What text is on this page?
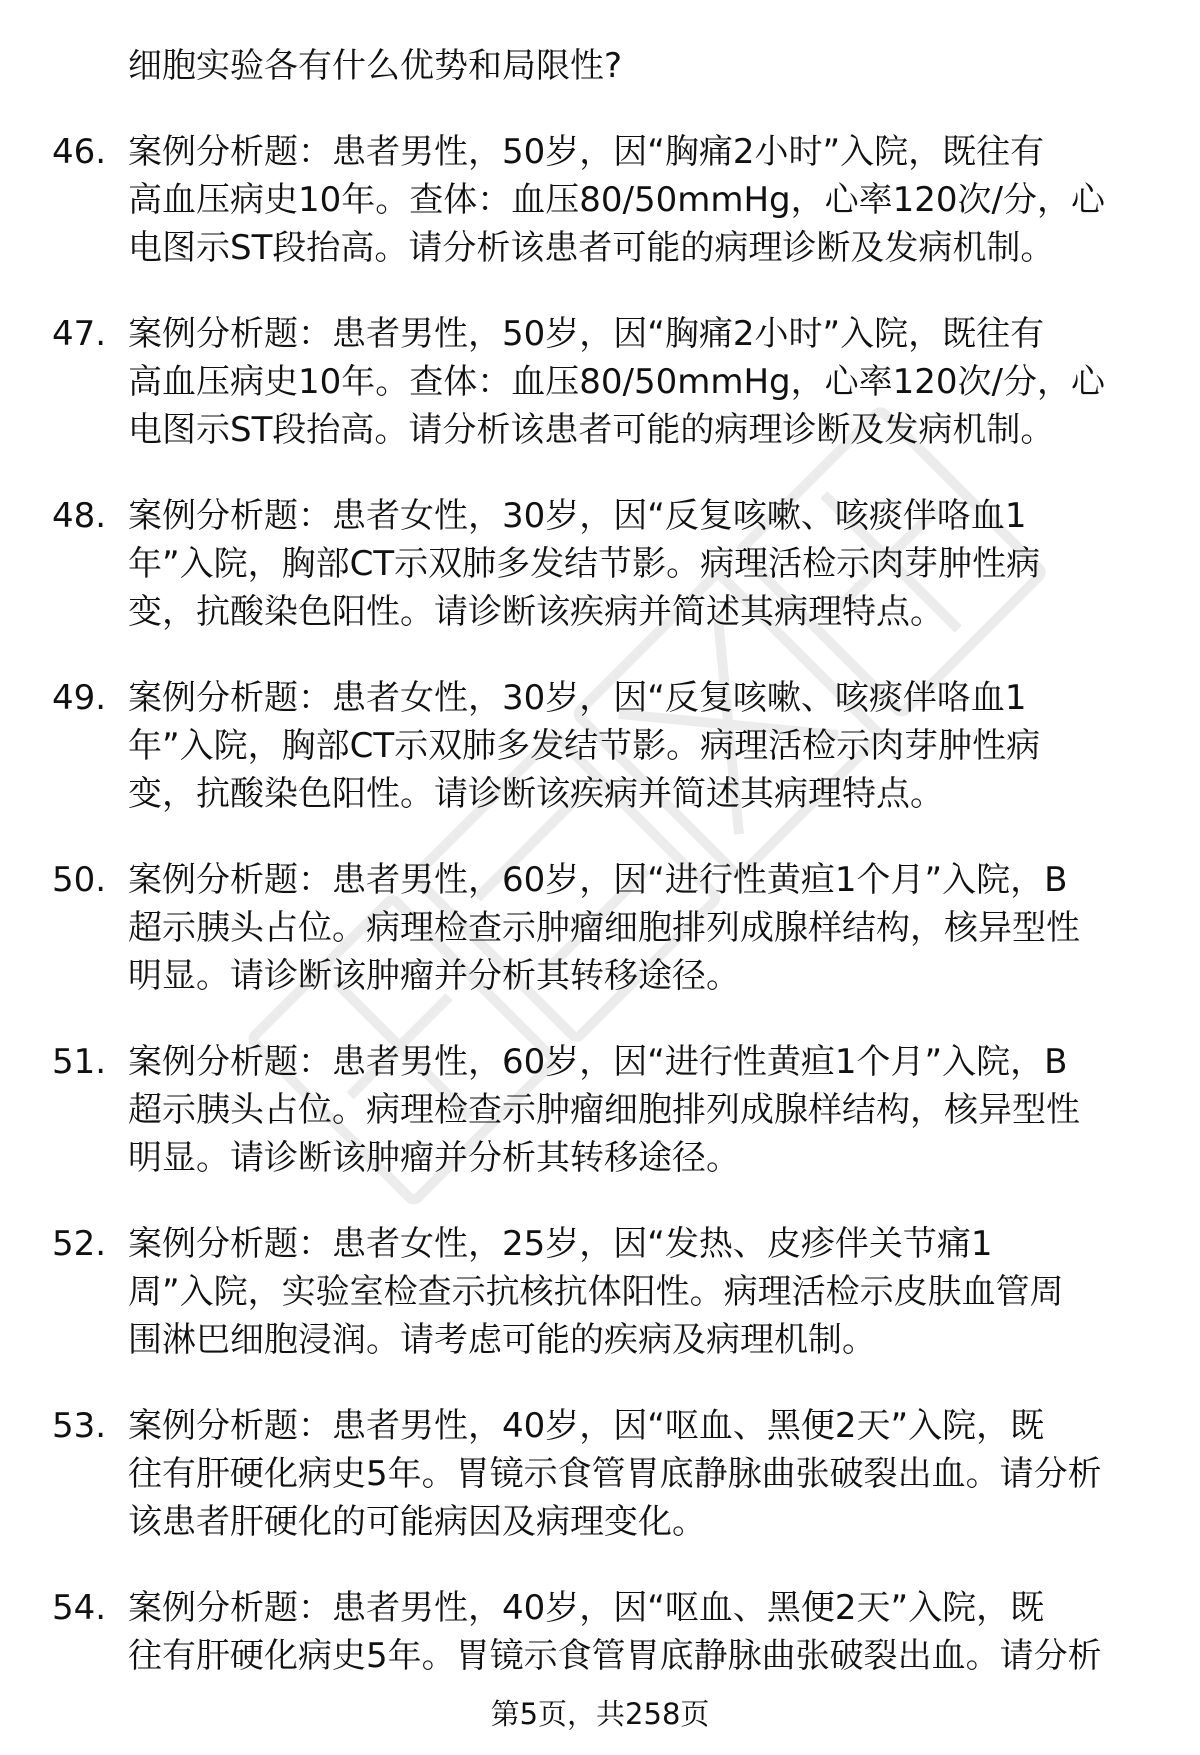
细胞实验各有什么优势和局限性?
46. 案例分析题：患者男性，50岁，因“胸痛2小时”入院，既往有
高血压病史10年。查体：血压80/50mmHg，心率120次/分，心
电图示ST段抬高。请分析该患者可能的病理诊断及发病机制。
47. 案例分析题：患者男性，50岁，因“胸痛2小时”入院，既往有
高血压病史10年。查体：血压80/50mmHg，心率120次/分，心
电图示ST段抬高。请分析该患者可能的病理诊断及发病机制。
48. 案例分析题：患者女性，30岁，因“反复咳嗽、咳痰伴咯血1
年”入院，胸部CT示双肺多发结节影。病理活检示肉芽肿性病
变，抗酸染色阳性。请诊断该疾病并简述其病理特点。
49. 案例分析题：患者女性，30岁，因“反复咳嗽、咳痰伴咯血1
年”入院，胸部CT示双肺多发结节影。病理活检示肉芽肿性病
变，抗酸染色阳性。请诊断该疾病并简述其病理特点。
50. 案例分析题：患者男性，60岁，因“进行性黄疸1个月”入院，B
超示胰头占位。病理检查示肿瘤细胞排列成腺样结构，核异型性
明显。请诊断该肿瘤并分析其转移途径。
51. 案例分析题：患者男性，60岁，因“进行性黄疸1个月”入院，B
超示胰头占位。病理检查示肿瘤细胞排列成腺样结构，核异型性
明显。请诊断该肿瘤并分析其转移途径。
52. 案例分析题：患者女性，25岁，因“发热、皮疹伴关节痛1
周”入院，实验室检查示抗核抗体阳性。病理活检示皮肤血管周
围淋巴细胞浸润。请考虑可能的疾病及病理机制。
53. 案例分析题：患者男性，40岁，因“呕血、黑便2天”入院，既
往有肝硬化病史5年。胃镜示食管胃底静脉曲张破裂出血。请分析
该患者肝硬化的可能病因及病理变化。
54. 案例分析题：患者男性，40岁，因“呕血、黑便2天”入院，既
往有肝硬化病史5年。胃镜示食管胃底静脉曲张破裂出血。请分析
第5页，共258页
